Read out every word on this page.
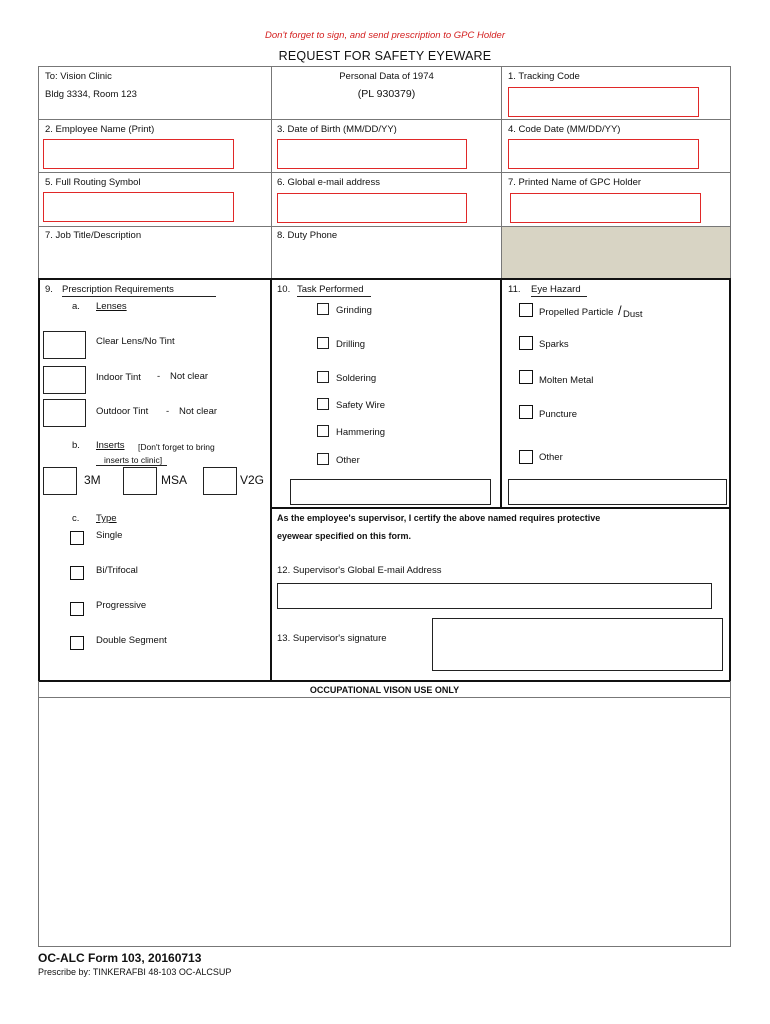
Don't forget to sign, and send prescription to GPC Holder
REQUEST FOR SAFETY EYEWARE
To: Vision Clinic
Bldg 3334, Room 123
Personal Data of 1974
(PL 930379)
1. Tracking Code
2. Employee Name (Print)	3. Date of Birth (MM/DD/YY)	4. Code Date (MM/DD/YY)
5. Full Routing Symbol	6. Global e-mail address	7. Printed Name of GPC Holder
7. Job Title/Description	8. Duty Phone
9. Prescription Requirements
a. Lenses
Clear Lens/No Tint
Indoor Tint - Not clear
Outdoor Tint - Not clear
b. Inserts [Don't forget to bring
inserts to clinic]
3M	MSA	V2G
c. Type
Single
Bi/Trifocal
Progressive
Double Segment
10. Task Performed
Grinding
Drilling
Soldering
Safety Wire
Hammering
Other
11. Eye Hazard
Propelled Particle / Dust
Sparks
Molten Metal
Puncture
Other
As the employee's supervisor, I certify the above named requires protective
eyewear specified on this form.
12. Supervisor's Global E-mail Address
13. Supervisor's signature
OCCUPATIONAL VISON USE ONLY
OC-ALC Form 103, 20160713
Prescribe by: TINKERAFBI 48-103 OC-ALCSUP
